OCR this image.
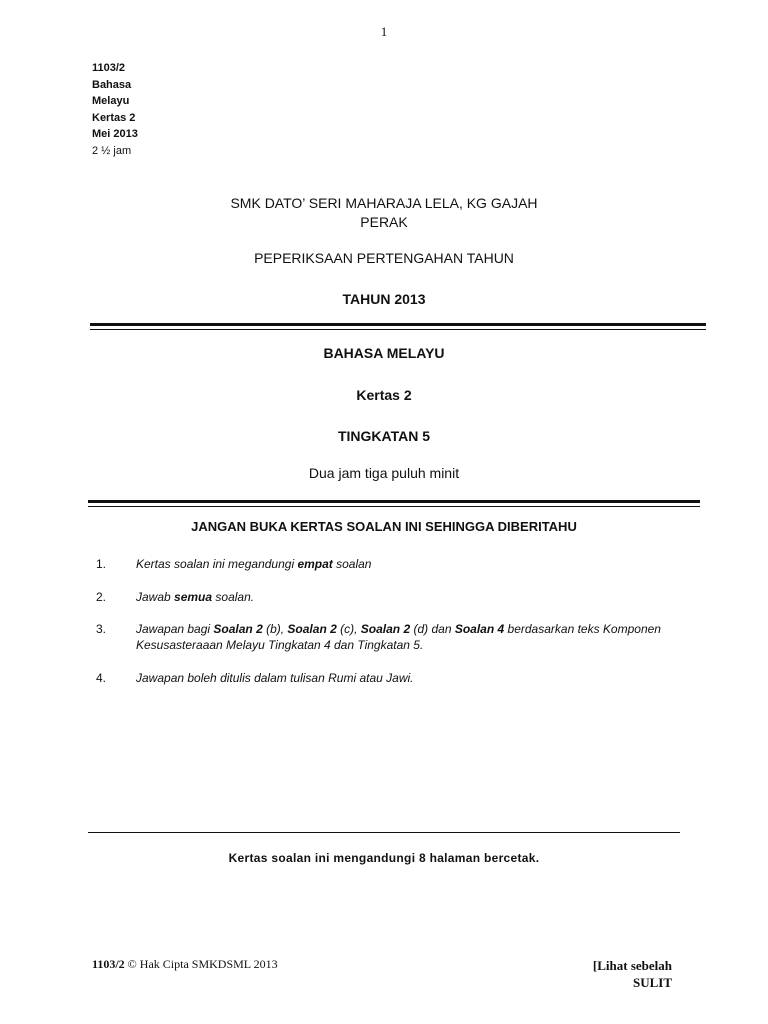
1
1103/2
Bahasa
Melayu
Kertas 2
Mei 2013
2 ½ jam
SMK DATO’ SERI MAHARAJA LELA, KG GAJAH
PERAK
PEPERIKSAAN PERTENGAHAN TAHUN
TAHUN 2013
BAHASA MELAYU
Kertas 2
TINGKATAN 5
Dua jam tiga puluh minit
JANGAN BUKA KERTAS SOALAN INI SEHINGGA DIBERITAHU
1. Kertas soalan ini megandungi empat soalan
2. Jawab semua soalan.
3. Jawapan bagi Soalan 2 (b), Soalan 2 (c), Soalan 2 (d) dan Soalan 4 berdasarkan teks Komponen Kesusasteraaan Melayu Tingkatan 4 dan Tingkatan 5.
4. Jawapan boleh ditulis dalam tulisan Rumi atau Jawi.
Kertas soalan ini mengandungi 8 halaman bercetak.
1103/2 © Hak Cipta SMKDSML 2013	[Lihat sebelah
SULIT
